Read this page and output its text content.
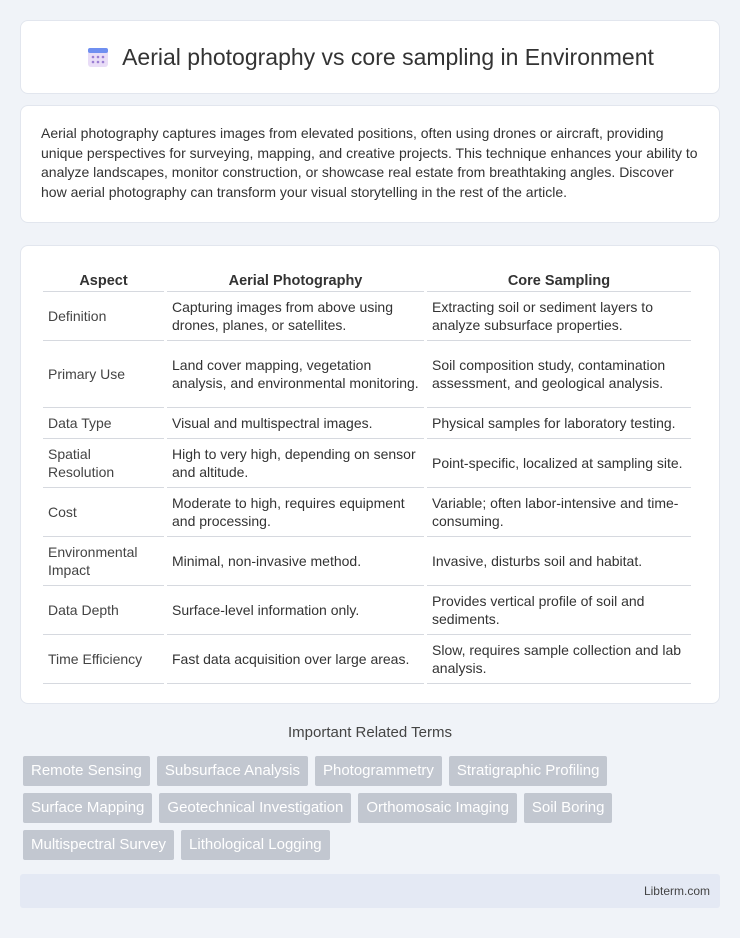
Aerial photography vs core sampling in Environment

Aerial photography captures images from elevated positions, often using drones or aircraft, providing unique perspectives for surveying, mapping, and creative projects. This technique enhances your ability to analyze landscapes, monitor construction, or showcase real estate from breathtaking angles. Discover how aerial photography can transform your visual storytelling in the rest of the article.

Aspect	Aerial Photography	Core Sampling
Definition	Capturing images from above using drones, planes, or satellites.	Extracting soil or sediment layers to analyze subsurface properties.
Primary Use	Land cover mapping, vegetation analysis, and environmental monitoring.	Soil composition study, contamination assessment, and geological analysis.
Data Type	Visual and multispectral images.	Physical samples for laboratory testing.
Spatial Resolution	High to very high, depending on sensor and altitude.	Point-specific, localized at sampling site.
Cost	Moderate to high, requires equipment and processing.	Variable; often labor-intensive and time-consuming.
Environmental Impact	Minimal, non-invasive method.	Invasive, disturbs soil and habitat.
Data Depth	Surface-level information only.	Provides vertical profile of soil and sediments.
Time Efficiency	Fast data acquisition over large areas.	Slow, requires sample collection and lab analysis.
Important Related Terms
Remote Sensing	Subsurface Analysis	Photogrammetry	Stratigraphic Profiling
Surface Mapping	Geotechnical Investigation	Orthomosaic Imaging	Soil Boring
Multispectral Survey	Lithological Logging
Libterm.com
